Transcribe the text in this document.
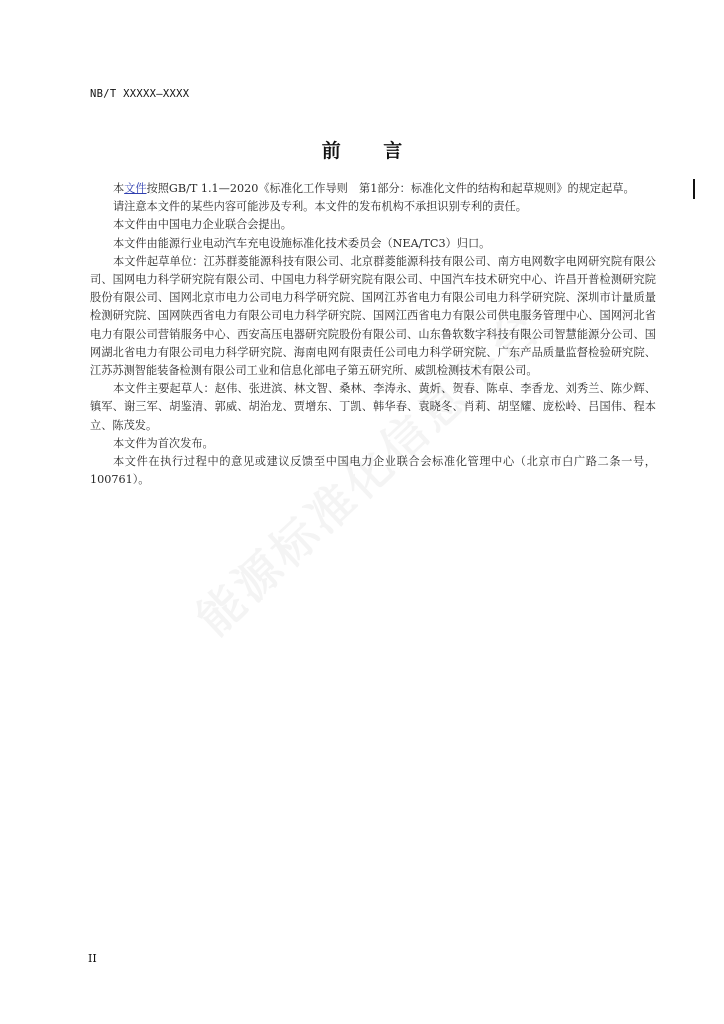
NB/T XXXXX—XXXX
前 言

本文件按照GB/T 1.1—2020《标准化工作导则　第1部分：标准化文件的结构和起草规则》的规定起草。

请注意本文件的某些内容可能涉及专利。本文件的发布机构不承担识别专利的责任。

本文件由中国电力企业联合会提出。

本文件由能源行业电动汽车充电设施标准化技术委员会（NEA/TC3）归口。

本文件起草单位：江苏群菱能源科技有限公司、北京群菱能源科技有限公司、南方电网数字电网研究院有限公司、国网电力科学研究院有限公司、中国电力科学研究院有限公司、中国汽车技术研究中心、许昌开普检测研究院股份有限公司、国网北京市电力公司电力科学研究院、国网江苏省电力有限公司电力科学研究院、深圳市计量质量检测研究院、国网陕西省电力有限公司电力科学研究院、国网江西省电力有限公司供电服务管理中心、国网河北省电力有限公司营销服务中心、西安高压电器研究院股份有限公司、山东鲁软数字科技有限公司智慧能源分公司、国网湖北省电力有限公司电力科学研究院、海南电网有限责任公司电力科学研究院、广东产品质量监督检验研究院、江苏苏测智能装备检测有限公司工业和信息化部电子第五研究所、威凯检测技术有限公司。

本文件主要起草人：赵伟、张进滨、林文智、桑林、李涛永、黄炘、贺春、陈卓、李香龙、刘秀兰、陈少辉、镇军、谢三军、胡鉴清、郭威、胡治龙、贾增东、丁凯、韩华春、袁晓冬、肖莉、胡坚耀、庞松岭、吕国伟、程本立、陈茂发。

本文件为首次发布。

本文件在执行过程中的意见或建议反馈至中国电力企业联合会标准化管理中心（北京市白广路二条一号，100761）。

II
